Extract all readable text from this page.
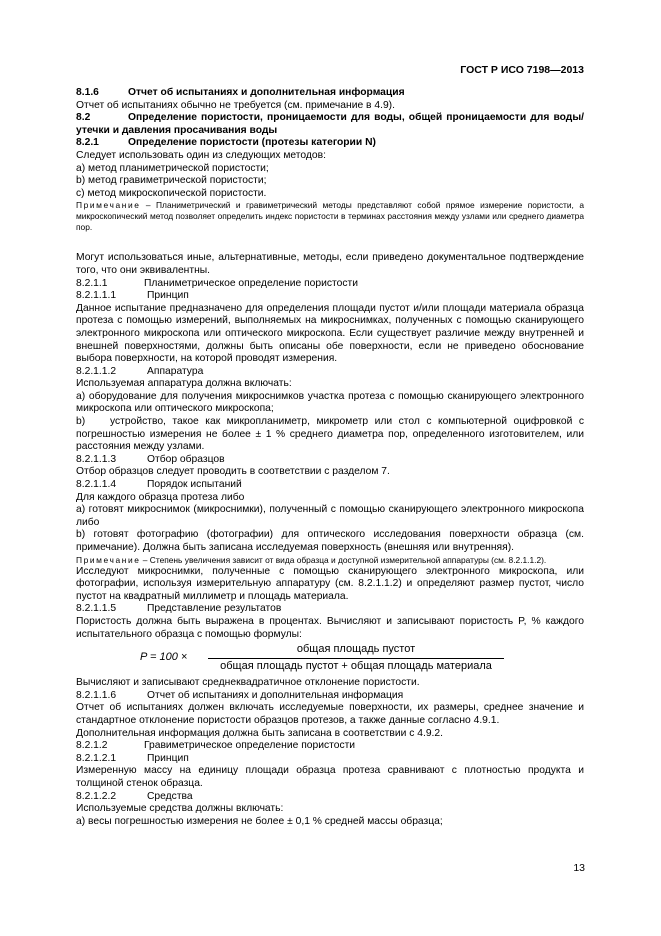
ГОСТ Р ИСО 7198—2013

8.1.6	Отчет об испытаниях и дополнительная информация

Отчет об испытаниях обычно не требуется (см. примечание в 4.9).

8.2	Определение пористости, проницаемости для воды, общей проницаемости для воды/утечки и давления просачивания воды

8.2.1	Определение пористости (протезы категории N)

Следует использовать один из следующих методов:

a) метод планиметрической пористости;

b) метод гравиметрической пористости;

c) метод микроскопической пористости.

Примечание – Планиметрический и гравиметрический методы представляют собой прямое измерение пористости, а микроскопический метод позволяет определить индекс пористости в терминах расстояния между узлами или среднего диаметра пор.

Могут использоваться иные, альтернативные, методы, если приведено документальное подтверждение того, что они эквивалентны.

8.2.1.1	Планиметрическое определение пористости

8.2.1.1.1	Принцип

Данное испытание предназначено для определения площади пустот и/или площади материала образца протеза с помощью измерений, выполняемых на микроснимках, полученных с помощью сканирующего электронного микроскопа или оптического микроскопа. Если существует различие между внутренней и внешней поверхностями, должны быть описаны обе поверхности, если не приведено обоснование выбора поверхности, на которой проводят измерения.

8.2.1.1.2	Аппаратура

Используемая аппаратура должна включать:

a) оборудование для получения микроснимков участка протеза с помощью сканирующего электронного микроскопа или оптического микроскопа;

b) устройство, такое как микропланиметр, микрометр или стол с компьютерной оцифровкой с погрешностью измерения не более ± 1 % среднего диаметра пор, определенного изготовителем, или расстояния между узлами.

8.2.1.1.3	Отбор образцов

Отбор образцов следует проводить в соответствии с разделом 7.

8.2.1.1.4	Порядок испытаний

Для каждого образца протеза либо

a) готовят микроснимок (микроснимки), полученный с помощью сканирующего электронного микроскопа либо

b) готовят фотографию (фотографии) для оптического исследования поверхности образца (см. примечание). Должна быть записана исследуемая поверхность (внешняя или внутренняя).

Примечание – Степень увеличения зависит от вида образца и доступной измерительной аппаратуры (см. 8.2.1.1.2).

Исследуют микроснимки, полученные с помощью сканирующего электронного микроскопа, или фотографии, используя измерительную аппаратуру (см. 8.2.1.1.2) и определяют размер пустот, число пустот на квадратный миллиметр и площадь материала.

8.2.1.1.5	Представление результатов

Пористость должна быть выражена в процентах. Вычисляют и записывают пористость P, % каждого испытательного образца с помощью формулы:

P = 100 ×
общая площадь пустот
общая площадь пустот + общая площадь материала

Вычисляют и записывают среднеквадратичное отклонение пористости.

8.2.1.1.6	Отчет об испытаниях и дополнительная информация

Отчет об испытаниях должен включать исследуемые поверхности, их размеры, среднее значение и стандартное отклонение пористости образцов протезов, а также данные согласно 4.9.1.

Дополнительная информация должна быть записана в соответствии с 4.9.2.

8.2.1.2	Гравиметрическое определение пористости

8.2.1.2.1	Принцип

Измеренную массу на единицу площади образца протеза сравнивают с плотностью продукта и толщиной стенок образца.

8.2.1.2.2	Средства

Используемые средства должны включать:

a) весы погрешностью измерения не более ± 0,1 % средней массы образца;

13
